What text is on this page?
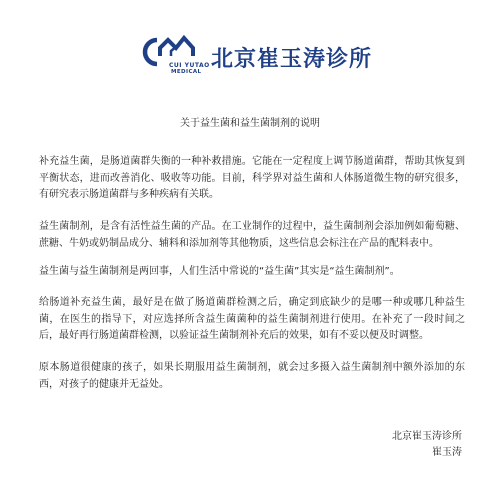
CUI YUTAO
MEDICAL 北京崔玉涛诊所
关于益生菌和益生菌制剂的说明
补充益生菌，是肠道菌群失衡的一种补救措施。它能在一定程度上调节肠道菌群，帮助其恢复到平衡状态，进而改善消化、吸收等功能。目前，科学界对益生菌和人体肠道微生物的研究很多，有研究表示肠道菌群与多种疾病有关联。
益生菌制剂，是含有活性益生菌的产品。在工业制作的过程中，益生菌制剂会添加例如葡萄糖、蔗糖、牛奶或奶制品成分、辅料和添加剂等其他物质，这些信息会标注在产品的配料表中。
益生菌与益生菌制剂是两回事，人们生活中常说的“益生菌”其实是“益生菌制剂”。
给肠道补充益生菌，最好是在做了肠道菌群检测之后，确定到底缺少的是哪一种或哪几种益生菌，在医生的指导下，对应选择所含益生菌菌种的益生菌制剂进行使用。在补充了一段时间之后，最好再行肠道菌群检测，以验证益生菌制剂补充后的效果，如有不妥以便及时调整。
原本肠道很健康的孩子，如果长期服用益生菌制剂，就会过多摄入益生菌制剂中额外添加的东西，对孩子的健康并无益处。
北京崔玉涛诊所
崔玉涛
